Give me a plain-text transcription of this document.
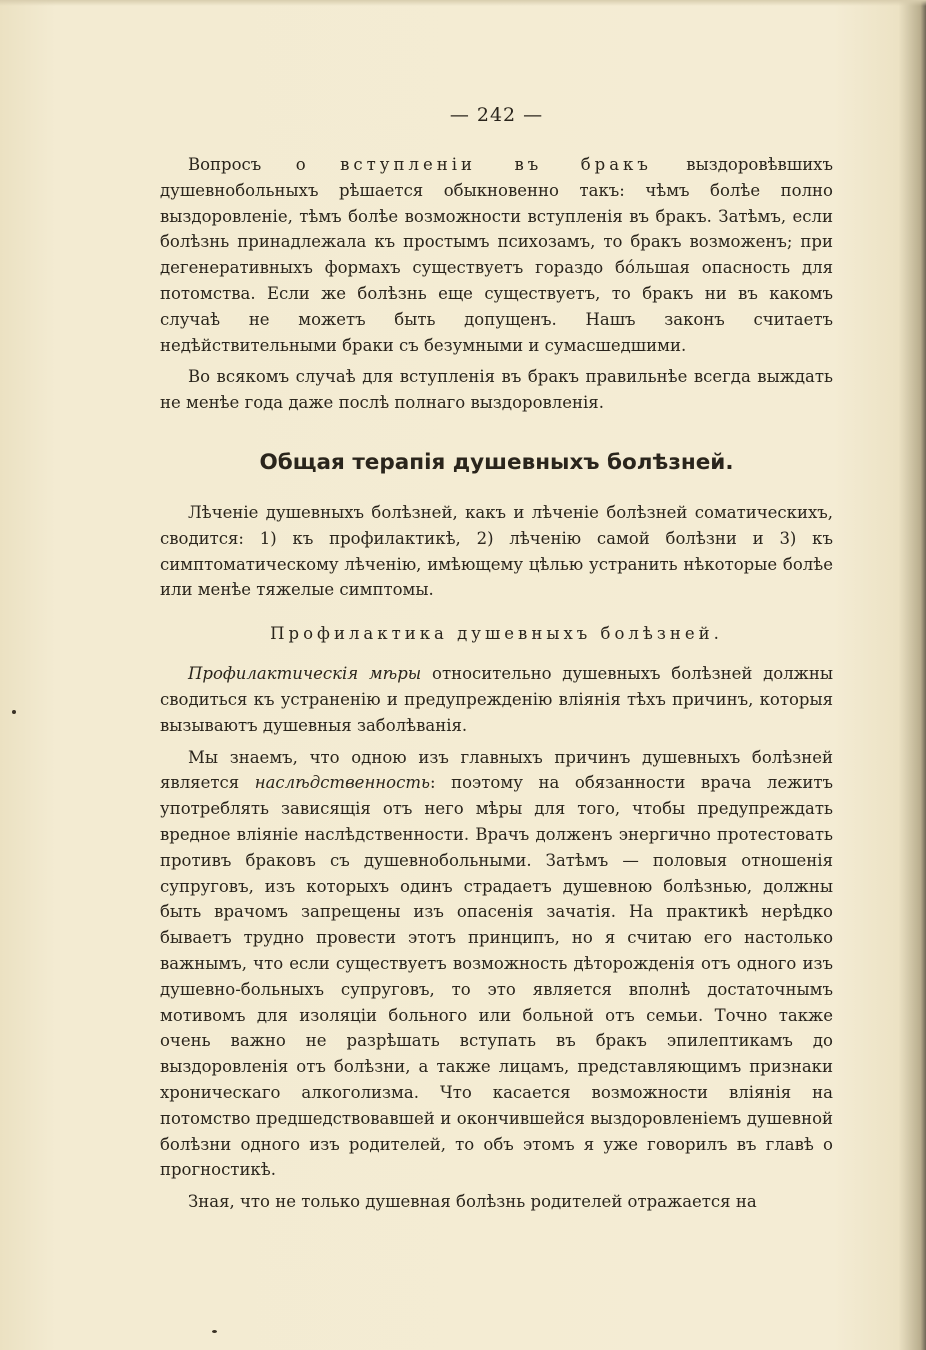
— 242 —

Вопросъ о вступленіи въ бракъ выздоровѣвшихъ душевнобольныхъ рѣшается обыкновенно такъ: чѣмъ болѣе полно выздоровленіе, тѣмъ болѣе возможности вступленія въ бракъ. Затѣмъ, если болѣзнь принадлежала къ простымъ психозамъ, то бракъ возможенъ; при дегенеративныхъ формахъ существуетъ гораздо бóльшая опасность для потомства. Если же болѣзнь еще существуетъ, то бракъ ни въ какомъ случаѣ не можетъ быть допущенъ. Нашъ законъ считаетъ недѣйствительными браки съ безумными и сумасшедшими.

Во всякомъ случаѣ для вступленія въ бракъ правильнѣе всегда выждать не менѣе года даже послѣ полнаго выздоровленія.

Общая терапія душевныхъ болѣзней.

Лѣченіе душевныхъ болѣзней, какъ и лѣченіе болѣзней соматическихъ, сводится: 1) къ профилактикѣ, 2) лѣченію самой болѣзни и 3) къ симптоматическому лѣченію, имѣющему цѣлью устранить нѣкоторые болѣе или менѣе тяжелые симптомы.

Профилактика душевныхъ болѣзней.

Профилактическія мѣры относительно душевныхъ болѣзней должны сводиться къ устраненію и предупрежденію вліянія тѣхъ причинъ, которыя вызываютъ душевныя заболѣванія.

Мы знаемъ, что одною изъ главныхъ причинъ душевныхъ болѣзней является наслѣдственность: поэтому на обязанности врача лежитъ употреблять зависящія отъ него мѣры для того, чтобы предупреждать вредное вліяніе наслѣдственности. Врачъ долженъ энергично протестовать противъ браковъ съ душевнобольными. Затѣмъ — половыя отношенія супруговъ, изъ которыхъ одинъ страдаетъ душевною болѣзнью, должны быть врачомъ запрещены изъ опасенія зачатія. На практикѣ нерѣдко бываетъ трудно провести этотъ принципъ, но я считаю его настолько важнымъ, что если существуетъ возможность дѣторожденія отъ одного изъ душевно-больныхъ супруговъ, то это является вполнѣ достаточнымъ мотивомъ для изоляціи больного или больной отъ семьи. Точно также очень важно не разрѣшать вступать въ бракъ эпилептикамъ до выздоровленія отъ болѣзни, а также лицамъ, представляющимъ признаки хроническаго алкоголизма. Что касается возможности вліянія на потомство предшедствовавшей и окончившейся выздоровленіемъ душевной болѣзни одного изъ родителей, то объ этомъ я уже говорилъ въ главѣ о прогностикѣ.

Зная, что не только душевная болѣзнь родителей отражается на
